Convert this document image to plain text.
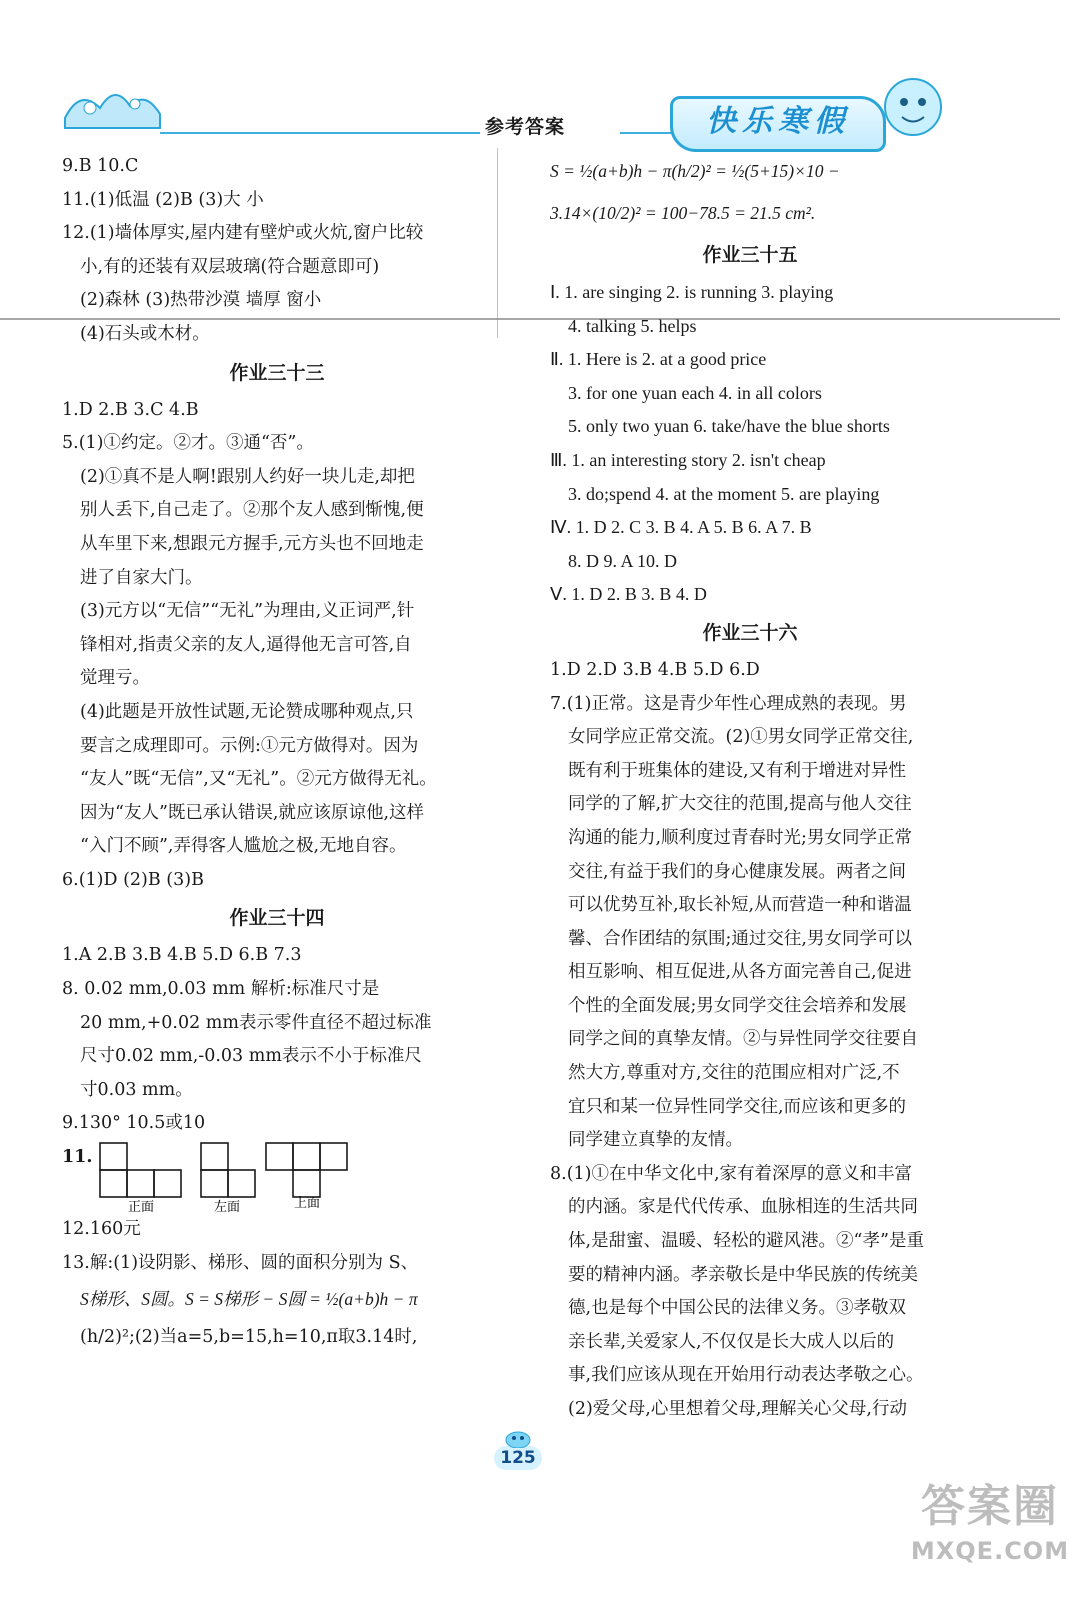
参考答案	快乐寒假
9.B 10.C
11.(1)低温 (2)B (3)大 小
12.(1)墙体厚实,屋内建有壁炉或火炕,窗户比较
小,有的还装有双层玻璃(符合题意即可)
(2)森林 (3)热带沙漠 墙厚 窗小
(4)石头或木材。
作业三十三
1.D 2.B 3.C 4.B
5.(1)①约定。②才。③通“否”。
(2)①真不是人啊!跟别人约好一块儿走,却把
别人丢下,自己走了。②那个友人感到惭愧,便
从车里下来,想跟元方握手,元方头也不回地走
进了自家大门。
(3)元方以“无信”“无礼”为理由,义正词严,针
锋相对,指责父亲的友人,逼得他无言可答,自
觉理亏。
(4)此题是开放性试题,无论赞成哪种观点,只
要言之成理即可。示例:①元方做得对。因为
“友人”既“无信”,又“无礼”。②元方做得无礼。
因为“友人”既已承认错误,就应该原谅他,这样
“入门不顾”,弄得客人尴尬之极,无地自容。
6.(1)D (2)B (3)B
作业三十四
1.A 2.B 3.B 4.B 5.D 6.B 7.3
8. 0.02 mm,0.03 mm 解析:标准尺寸是
20 mm,+0.02 mm表示零件直径不超过标准
尺寸0.02 mm,-0.03 mm表示不小于标准尺
寸0.03 mm。
9.130° 10.5或10
11.
正面	左面	上面
12.160元
13.解:(1)设阴影、梯形、圆的面积分别为 S、
S梯形、S圆。S = S梯形 − S圆 = ½(a+b)h − π
(h/2)²;(2)当a=5,b=15,h=10,π取3.14时,
S = ½(a+b)h − π(h/2)² = ½(5+15)×10 −
3.14×(10/2)² = 100−78.5 = 21.5 cm².
作业三十五
Ⅰ. 1. are singing 2. is running 3. playing
4. talking 5. helps
Ⅱ. 1. Here is 2. at a good price
3. for one yuan each 4. in all colors
5. only two yuan 6. take/have the blue shorts
Ⅲ. 1. an interesting story 2. isn't cheap
3. do;spend 4. at the moment 5. are playing
Ⅳ. 1. D 2. C 3. B 4. A 5. B 6. A 7. B
8. D 9. A 10. D
Ⅴ. 1. D 2. B 3. B 4. D
作业三十六
1.D 2.D 3.B 4.B 5.D 6.D
7.(1)正常。这是青少年性心理成熟的表现。男
女同学应正常交流。(2)①男女同学正常交往,
既有利于班集体的建设,又有利于增进对异性
同学的了解,扩大交往的范围,提高与他人交往
沟通的能力,顺利度过青春时光;男女同学正常
交往,有益于我们的身心健康发展。两者之间
可以优势互补,取长补短,从而营造一种和谐温
馨、合作团结的氛围;通过交往,男女同学可以
相互影响、相互促进,从各方面完善自己,促进
个性的全面发展;男女同学交往会培养和发展
同学之间的真挚友情。②与异性同学交往要自
然大方,尊重对方,交往的范围应相对广泛,不
宜只和某一位异性同学交往,而应该和更多的
同学建立真挚的友情。
8.(1)①在中华文化中,家有着深厚的意义和丰富
的内涵。家是代代传承、血脉相连的生活共同
体,是甜蜜、温暖、轻松的避风港。②“孝”是重
要的精神内涵。孝亲敬长是中华民族的传统美
德,也是每个中国公民的法律义务。③孝敬双
亲长辈,关爱家人,不仅仅是长大成人以后的
事,我们应该从现在开始用行动表达孝敬之心。
(2)爱父母,心里想着父母,理解关心父母,行动
125
答案圈
MXQE.COM
